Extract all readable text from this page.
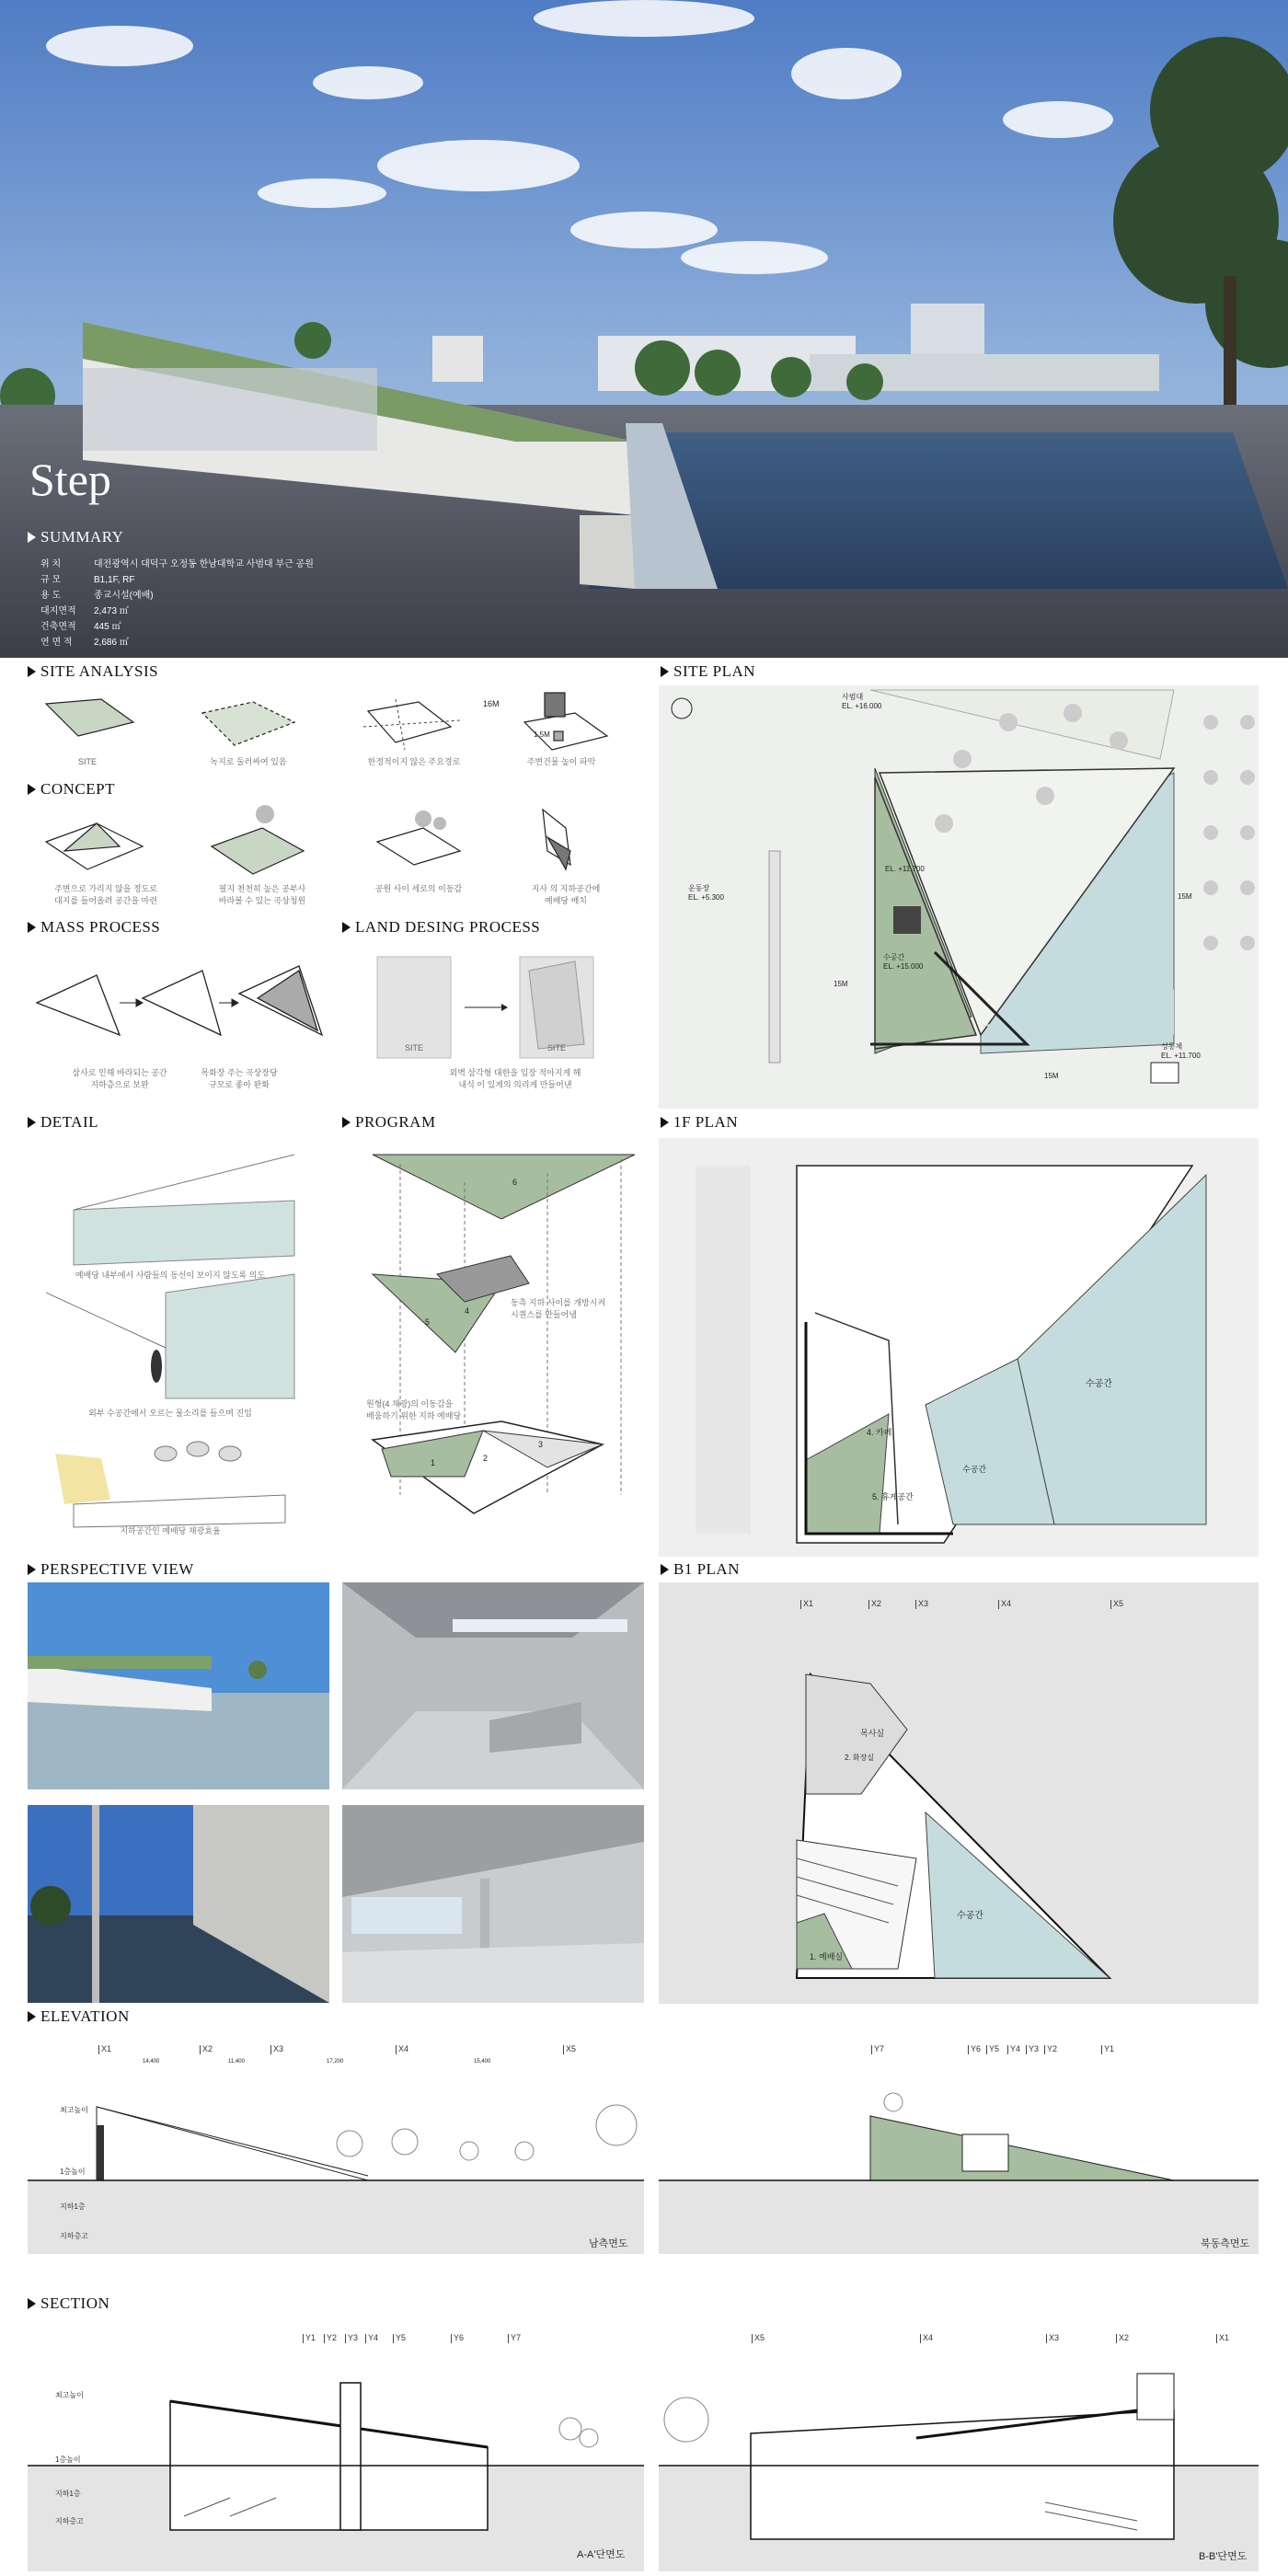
Step
SUMMARY
위 치	대전광역시 대덕구 오정동 한남대학교 사범대 부근 공원
규 모	B1,1F, RF
용 도	종교시설(예배)
대지면적 2,473 ㎡
건축면적 445 ㎡
연 면 적 2,686 ㎡
SITE ANALYSIS
16M
1.5M
SITE	녹지로 둘러싸여 있음	한정적이지 않은 주요경로	주변건물 높이 파악
CONCEPT
주변으로 가리지 않을 정도로
대지를 들어올려 공간을 마련
필지 천천히 높은 공부사
바라볼 수 있는 곡상청원
공원 사이 세로의 이동감	지사 의 지하공간에
예배당 배치
MASS PROCESS
삼사로 인해 바라되는 공간
지하층으로 보완
목화장 주는 곡상장당
규모로 좋아 완화
LAND DESING PROCESS
SITE	SITE
외벽 삼각형 대한을 입장 적아지게 해
내식 이 있게의 의리게 만들어낸
SITE PLAN
사범대
EL. +16.000
운동장
EL. +5.300
수공간
EL. +15.000
EL. +11.700
15M
15M
15M
성통체
EL. +11.700
DETAIL
예배당 내부에서 사람들의 동선이 보이지 않도록 의도
외부 수공간에서 오르는 물소리를 들으며 진입
지하공간인 예배당 채광효율
PROGRAM
6
5
4
3
2
1
동측 지하 사이를 개방시켜
시퀀스를 만들어냄
원형(4 채광)의 이동감을
배움하기 위한 지하 예배당
1F PLAN
수공간
수공간
4. 카페
5. 휴게공간
PERSPECTIVE VIEW	B1 PLAN
목사실
수공간
1. 예배실
2. 화장실
X1	X2	X3	X4	X5
ELEVATION
X1	X2	X3	X4	X5
14,400	11,400	17,200	15,400
최고높이
1층높이
지하1층
지하층고
남측면도
Y7	Y6 Y5 Y4 Y3 Y2	Y1
북동측면도
SECTION
Y1 Y2 Y3 Y4 Y5	Y6	Y7
최고높이
1층높이
지하1층
지하층고
A-A'단면도
X5	X4	X3	X2	X1
B-B'단면도
